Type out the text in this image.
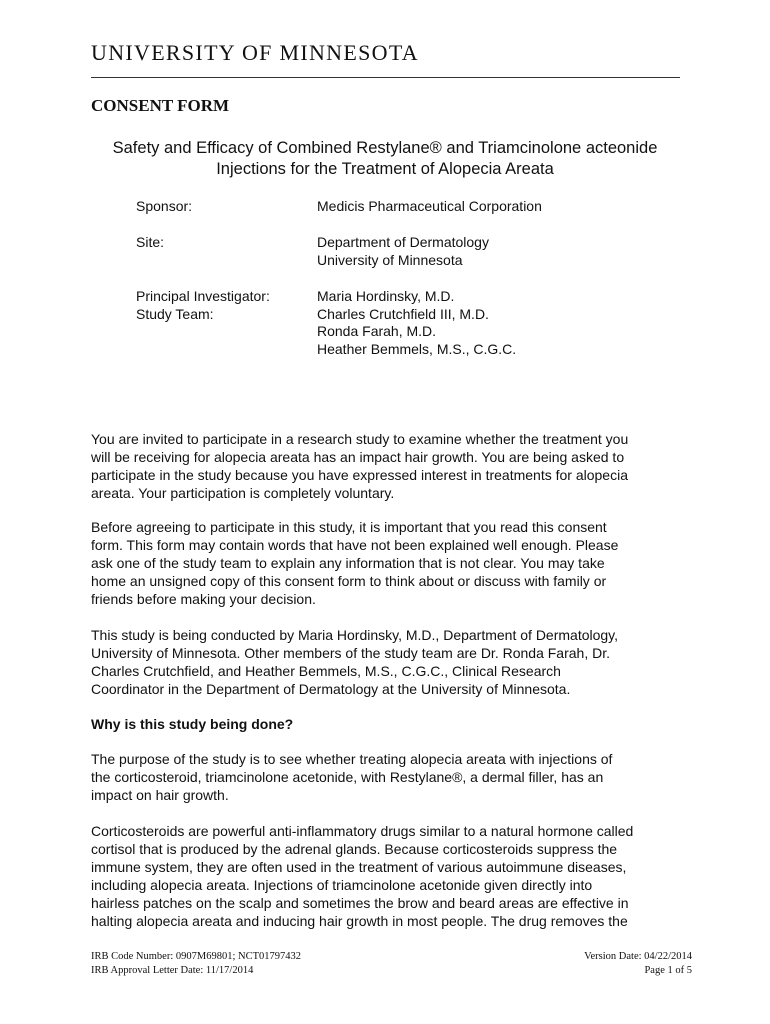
UNIVERSITY OF MINNESOTA
CONSENT FORM
Safety and Efficacy of Combined Restylane® and Triamcinolone acteonide
Injections for the Treatment of Alopecia Areata
Sponsor:	Medicis Pharmaceutical Corporation
Site:	Department of Dermatology
University of Minnesota
Principal Investigator:
Study Team:
Maria Hordinsky, M.D.
Charles Crutchfield III, M.D.
Ronda Farah, M.D.
Heather Bemmels, M.S., C.G.C.
You are invited to participate in a research study to examine whether the treatment you
will be receiving for alopecia areata has an impact hair growth. You are being asked to
participate in the study because you have expressed interest in treatments for alopecia
areata. Your participation is completely voluntary.
Before agreeing to participate in this study, it is important that you read this consent
form. This form may contain words that have not been explained well enough. Please
ask one of the study team to explain any information that is not clear. You may take
home an unsigned copy of this consent form to think about or discuss with family or
friends before making your decision.
This study is being conducted by Maria Hordinsky, M.D., Department of Dermatology,
University of Minnesota. Other members of the study team are Dr. Ronda Farah, Dr.
Charles Crutchfield, and Heather Bemmels, M.S., C.G.C., Clinical Research
Coordinator in the Department of Dermatology at the University of Minnesota.
Why is this study being done?
The purpose of the study is to see whether treating alopecia areata with injections of
the corticosteroid, triamcinolone acetonide, with Restylane®, a dermal filler, has an
impact on hair growth.
Corticosteroids are powerful anti-inflammatory drugs similar to a natural hormone called
cortisol that is produced by the adrenal glands. Because corticosteroids suppress the
immune system, they are often used in the treatment of various autoimmune diseases,
including alopecia areata. Injections of triamcinolone acetonide given directly into
hairless patches on the scalp and sometimes the brow and beard areas are effective in
halting alopecia areata and inducing hair growth in most people. The drug removes the
IRB Code Number: 0907M69801; NCT01797432
IRB Approval Letter Date: 11/17/2014
Version Date: 04/22/2014
Page 1 of 5
